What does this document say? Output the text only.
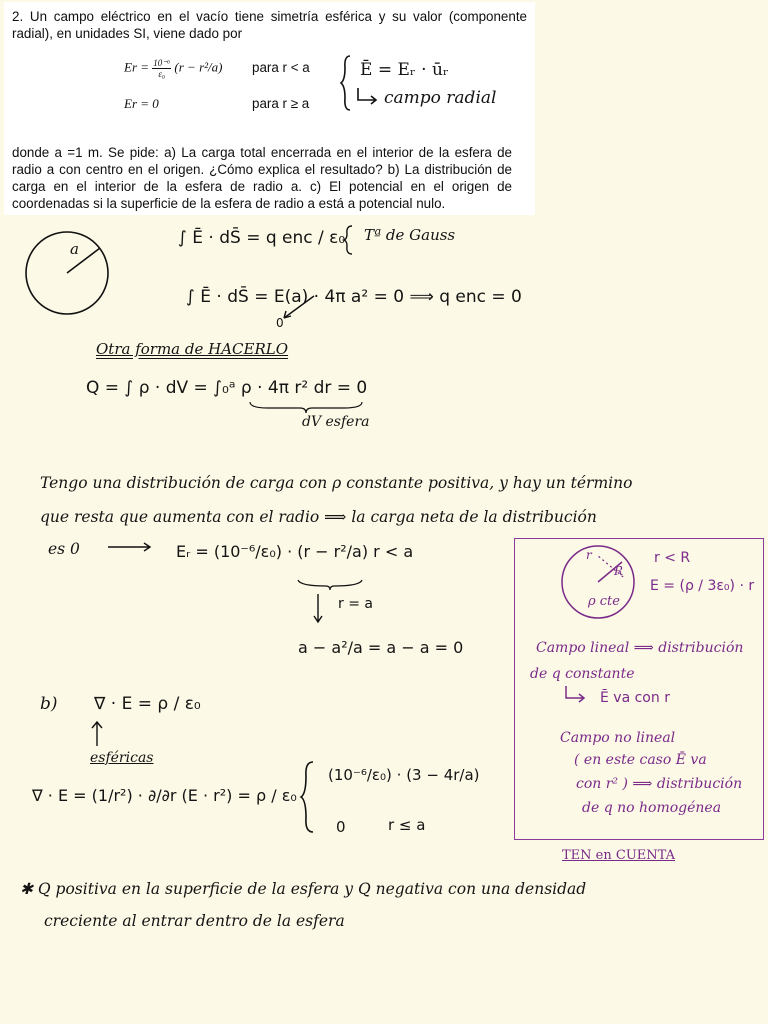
2. Un campo eléctrico en el vacío tiene simetría esférica y su valor (componente radial), en unidades SI, viene dado por

$Er = \frac{\text{10⁻⁶}}{\text{ε₀}} (r - r^2/a)$ para r < a
Er = 0	para r ≥ a
Ē = Eᵣ · ūᵣ
campo radial
donde a =1 m. Se pide: a) La carga total encerrada en el interior de la esfera de radio a con centro en el origen. ¿Cómo explica el resultado? b) La distribución de carga en el interior de la esfera de radio a. c) El potencial en el origen de coordenadas si la superficie de la esfera de radio a está a potencial nulo.
a
∫ Ē · dS̄ = q enc / ε₀ Tª de Gauss
∫ Ē · dS̄ = E(a) · 4π a² = 0 ⟹ q enc = 0
0
Otra forma de HACERLO
Q = ∫ ρ · dV = ∫₀ᵃ ρ · 4π r² dr = 0
dV esfera
Tengo una distribución de carga con ρ constante positiva, y hay un término
que resta que aumenta con el radio ⟹ la carga neta de la distribución
es 0	Eᵣ = (10⁻⁶/ε₀) · (r − r²/a) r < a
r = a
a − a²/a = a − a = 0
b) ∇ · E = ρ / ε₀
esféricas
∇ · E = (1/r²) · ∂/∂r (E · r²) = ρ / ε₀
(10⁻⁶/ε₀) · (3 − 4r/a)
0	r ≤ a
✱ Q positiva en la superficie de la esfera y Q negativa con una densidad
creciente al entrar dentro de la esfera
r
R
ρ cte
r < R
E = (ρ / 3ε₀) · r
Campo lineal ⟹ distribución
de q constante
Ē va con r
Campo no lineal
( en este caso Ē va
con r² ) ⟹ distribución
de q no homogénea
TEN en CUENTA
